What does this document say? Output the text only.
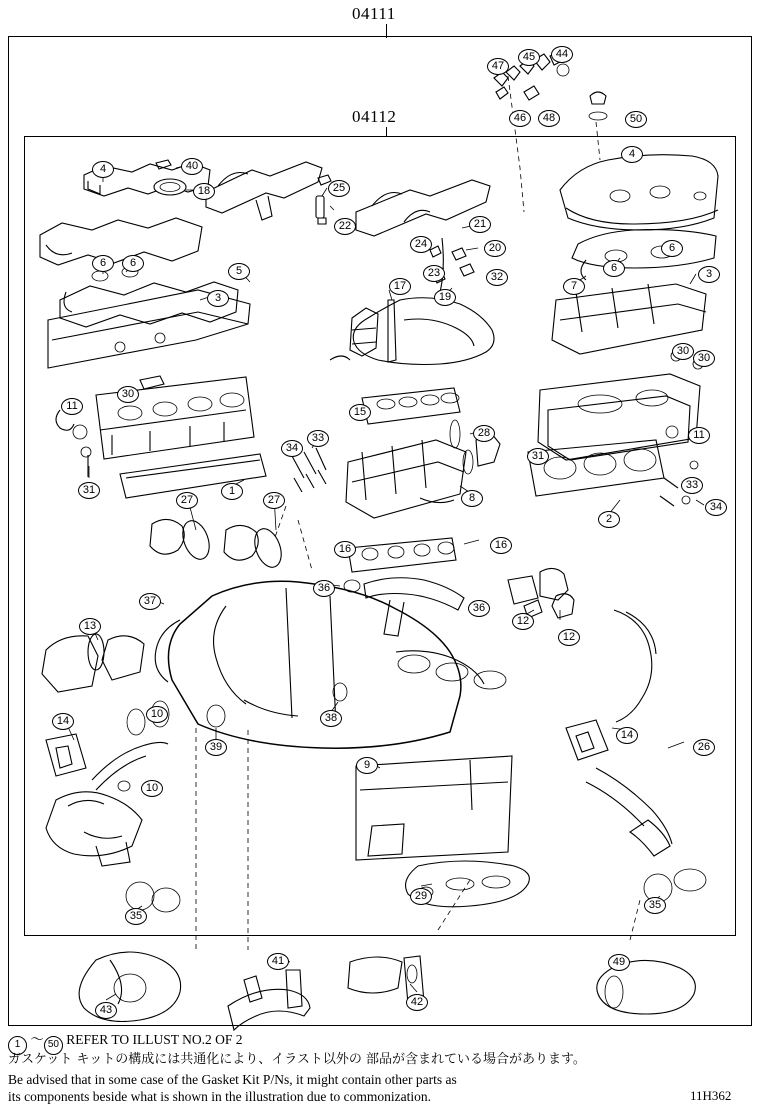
04111
04112
4	40
18	25
22
47
45	44
46	48	50
4
21
20
24
23
19
32
6	6
5
3
17	7
6
6
3
30
30
30
11
31
15
11
31
28
34
33
33
34
1
27	27	8
2
16	16
36
36
12
12
37
13
14
10
10
39
38
9
14
26
29
35
35
41
42
43
49
1 ～ 50 REFER TO ILLUST NO.2 OF 2
ガスケット キットの構成には共通化により、イラスト以外の 部品が含まれている場合があります。
Be advised that in some case of the Gasket Kit P/Ns, it might contain other parts as
its components beside what is shown in the illustration due to commonization.	11H362
